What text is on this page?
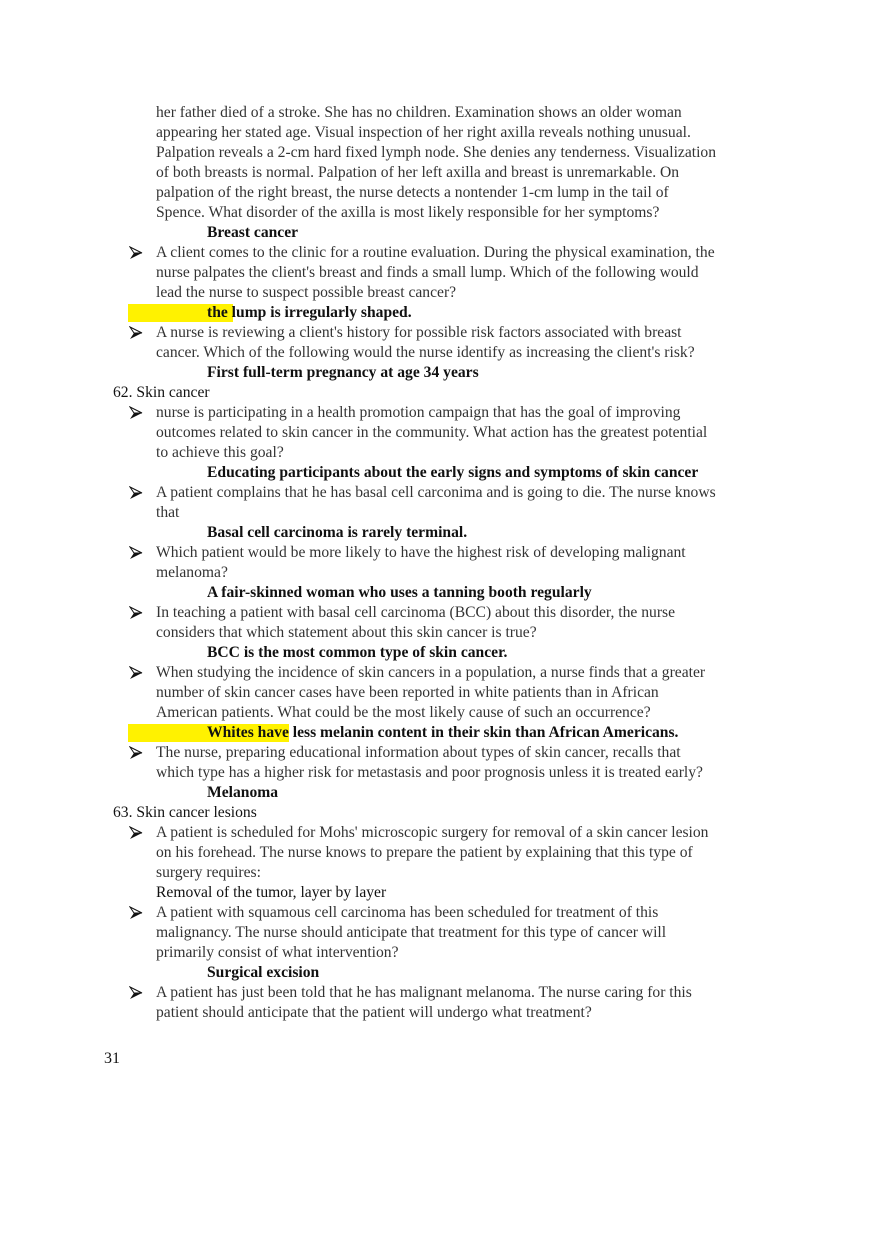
her father died of a stroke. She has no children. Examination shows an older woman
appearing her stated age. Visual inspection of her right axilla reveals nothing unusual.
Palpation reveals a 2-cm hard fixed lymph node. She denies any tenderness. Visualization
of both breasts is normal. Palpation of her left axilla and breast is unremarkable. On
palpation of the right breast, the nurse detects a nontender 1-cm lump in the tail of
Spence. What disorder of the axilla is most likely responsible for her symptoms?
Breast cancer
A client comes to the clinic for a routine evaluation. During the physical examination, the
nurse palpates the client's breast and finds a small lump. Which of the following would
lead the nurse to suspect possible breast cancer?
the lump is irregularly shaped.
A nurse is reviewing a client's history for possible risk factors associated with breast
cancer. Which of the following would the nurse identify as increasing the client's risk?
First full-term pregnancy at age 34 years
62. Skin cancer
nurse is participating in a health promotion campaign that has the goal of improving
outcomes related to skin cancer in the community. What action has the greatest potential
to achieve this goal?
Educating participants about the early signs and symptoms of skin cancer
A patient complains that he has basal cell carconima and is going to die. The nurse knows
that
Basal cell carcinoma is rarely terminal.
Which patient would be more likely to have the highest risk of developing malignant
melanoma?
A fair-skinned woman who uses a tanning booth regularly
In teaching a patient with basal cell carcinoma (BCC) about this disorder, the nurse
considers that which statement about this skin cancer is true?
BCC is the most common type of skin cancer.
When studying the incidence of skin cancers in a population, a nurse finds that a greater
number of skin cancer cases have been reported in white patients than in African
American patients. What could be the most likely cause of such an occurrence?
Whites have less melanin content in their skin than African Americans.
The nurse, preparing educational information about types of skin cancer, recalls that
which type has a higher risk for metastasis and poor prognosis unless it is treated early?
Melanoma
63. Skin cancer lesions
A patient is scheduled for Mohs' microscopic surgery for removal of a skin cancer lesion
on his forehead. The nurse knows to prepare the patient by explaining that this type of
surgery requires:
Removal of the tumor, layer by layer
A patient with squamous cell carcinoma has been scheduled for treatment of this
malignancy. The nurse should anticipate that treatment for this type of cancer will
primarily consist of what intervention?
Surgical excision
A patient has just been told that he has malignant melanoma. The nurse caring for this
patient should anticipate that the patient will undergo what treatment?
31
